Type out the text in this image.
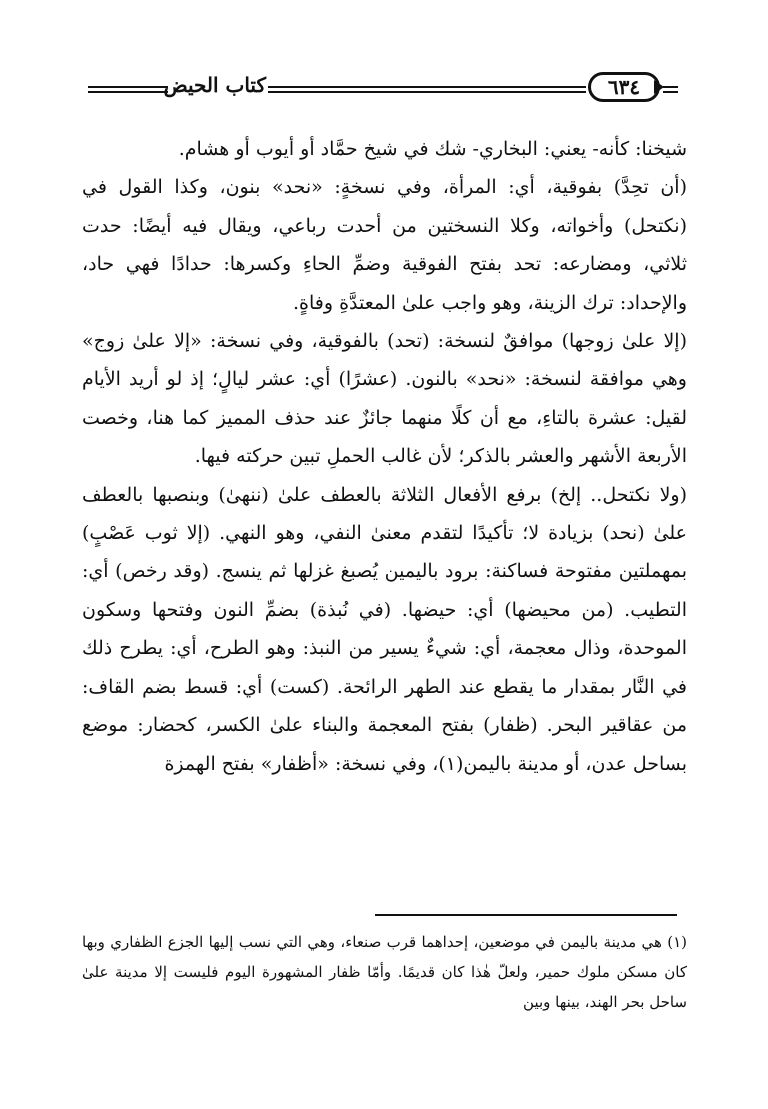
كتاب الحيض	٦٣٤

شيخنا: كأنه- يعني: البخاري- شك في شيخ حمَّاد أو أيوب أو هشام.

(أن تحِدَّ) بفوقية، أي: المرأة، وفي نسخةٍ: «نحد» بنون، وكذا القول في (نكتحل) وأخواته، وكلا النسختين من أحدت رباعي، ويقال فيه أيضًا: حدت ثلاثي، ومضارعه: تحد بفتح الفوقية وضمِّ الحاءِ وكسرها: حدادًا فهي حاد، والإحداد: ترك الزينة، وهو واجب علىٰ المعتدَّةِ وفاةٍ.

(إلا علىٰ زوجها) موافقٌ لنسخة: (تحد) بالفوقية، وفي نسخة: «إلا علىٰ زوج» وهي موافقة لنسخة: «نحد» بالنون. (عشرًا) أي: عشر ليالٍ؛ إذ لو أريد الأيام لقيل: عشرة بالتاءِ، مع أن كلًا منهما جائزٌ عند حذف المميز كما هنا، وخصت الأربعة الأشهر والعشر بالذكر؛ لأن غالب الحملِ تبين حركته فيها.

(ولا نكتحل.. إلخ) برفع الأفعال الثلاثة بالعطف علىٰ (ننهىٰ) وبنصبها بالعطف علىٰ (نحد) بزيادة لا؛ تأكيدًا لتقدم معنىٰ النفي، وهو النهي. (إلا ثوب عَصْبٍ) بمهملتين مفتوحة فساكنة: برود باليمين يُصبغ غزلها ثم ينسج. (وقد رخص) أي: التطيب. (من محيضها) أي: حيضها. (في نُبذة) بضمِّ النون وفتحها وسكون الموحدة، وذال معجمة، أي: شيءٌ يسير من النبذ: وهو الطرح، أي: يطرح ذلك في النَّار بمقدار ما يقطع عند الطهر الرائحة. (كست) أي: قسط بضم القاف: من عقاقير البحر. (ظفار) بفتح المعجمة والبناء علىٰ الكسر، كحضار: موضع بساحل عدن، أو مدينة باليمن(١)، وفي نسخة: «أظفار» بفتح الهمزة

(١) هي مدينة باليمن في موضعين، إحداهما قرب صنعاء، وهي التي نسب إليها الجزع الظفاري وبها كان مسكن ملوك حمير، ولعلّ هٰذا كان قديمًا. وأمّا ظفار المشهورة اليوم فليست إلا مدينة علىٰ ساحل بحر الهند، بينها وبين
